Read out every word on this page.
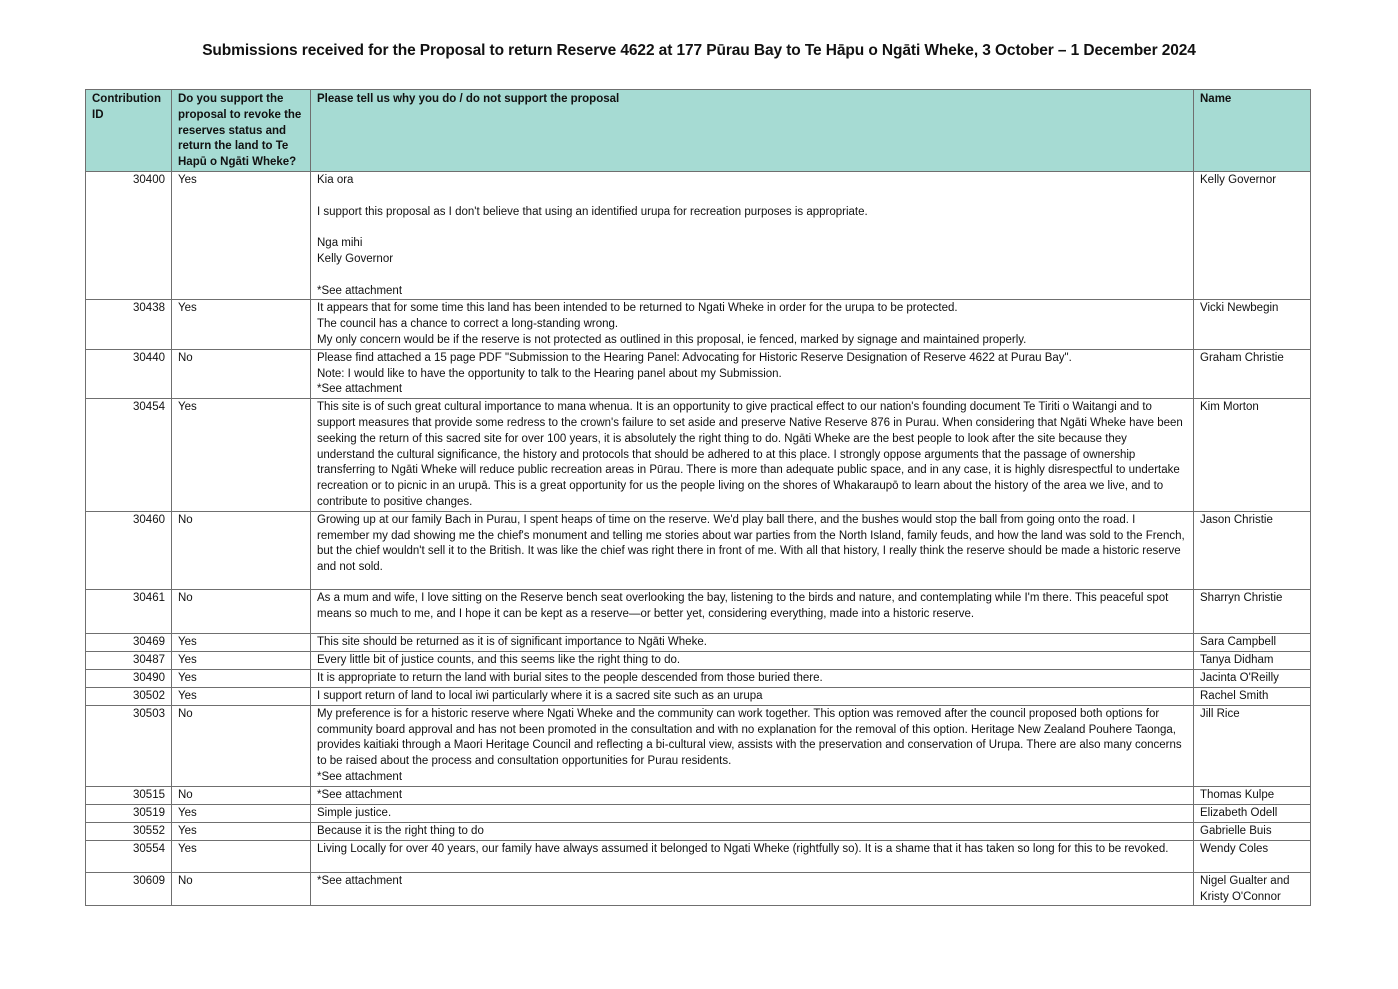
Submissions received for the Proposal to return Reserve 4622 at 177 Pūrau Bay to Te Hāpu o Ngāti Wheke, 3 October – 1 December 2024
Contribution ID	Do you support the proposal to revoke the reserves status and return the land to Te Hapū o Ngāti Wheke?	Please tell us why you do / do not support the proposal	Name
30400	Yes	Kia ora
I support this proposal as I don't believe that using an identified urupa for recreation purposes is appropriate.
Nga mihi
Kelly Governor
*See attachment	Kelly Governor
30438	Yes	It appears that for some time this land has been intended to be returned to Ngati Wheke in order for the urupa to be protected.
The council has a chance to correct a long-standing wrong.
My only concern would be if the reserve is not protected as outlined in this proposal, ie fenced, marked by signage and maintained properly.	Vicki Newbegin
30440	No	Please find attached a 15 page PDF "Submission to the Hearing Panel: Advocating for Historic Reserve Designation of Reserve 4622 at Purau Bay".
Note: I would like to have the opportunity to talk to the Hearing panel about my Submission.
*See attachment	Graham Christie
30454	Yes	This site is of such great cultural importance to mana whenua. It is an opportunity to give practical effect to our nation's founding document Te Tiriti o Waitangi and to support measures that provide some redress to the crown's failure to set aside and preserve Native Reserve 876 in Purau. When considering that Ngāti Wheke have been seeking the return of this sacred site for over 100 years, it is absolutely the right thing to do. Ngāti Wheke are the best people to look after the site because they understand the cultural significance, the history and protocols that should be adhered to at this place. I strongly oppose arguments that the passage of ownership transferring to Ngāti Wheke will reduce public recreation areas in Pūrau. There is more than adequate public space, and in any case, it is highly disrespectful to undertake recreation or to picnic in an urupā. This is a great opportunity for us the people living on the shores of Whakaraupō to learn about the history of the area we live, and to contribute to positive changes.	Kim Morton
30460	No	Growing up at our family Bach in Purau, I spent heaps of time on the reserve. We'd play ball there, and the bushes would stop the ball from going onto the road. I remember my dad showing me the chief's monument and telling me stories about war parties from the North Island, family feuds, and how the land was sold to the French, but the chief wouldn't sell it to the British. It was like the chief was right there in front of me. With all that history, I really think the reserve should be made a historic reserve and not sold.	Jason Christie
30461	No	As a mum and wife, I love sitting on the Reserve bench seat overlooking the bay, listening to the birds and nature, and contemplating while I'm there. This peaceful spot means so much to me, and I hope it can be kept as a reserve—or better yet, considering everything, made into a historic reserve.	Sharryn Christie
30469	Yes	This site should be returned as it is of significant importance to Ngāti Wheke.	Sara Campbell
30487	Yes	Every little bit of justice counts, and this seems like the right thing to do.	Tanya Didham
30490	Yes	It is appropriate to return the land with burial sites to the people descended from those buried there.	Jacinta O'Reilly
30502	Yes	I support return of land to local iwi particularly where it is a sacred site such as an urupa	Rachel Smith
30503	No	My preference is for a historic reserve where Ngati Wheke and the community can work together. This option was removed after the council proposed both options for community board approval and has not been promoted in the consultation and with no explanation for the removal of this option. Heritage New Zealand Pouhere Taonga, provides kaitiaki through a Maori Heritage Council and reflecting a bi-cultural view, assists with the preservation and conservation of Urupa. There are also many concerns to be raised about the process and consultation opportunities for Purau residents.
*See attachment	Jill Rice
30515	No	*See attachment	Thomas Kulpe
30519	Yes	Simple justice.	Elizabeth Odell
30552	Yes	Because it is the right thing to do	Gabrielle Buis
30554	Yes	Living Locally for over 40 years, our family have always assumed it belonged to Ngati Wheke (rightfully so). It is a shame that it has taken so long for this to be revoked.	Wendy Coles
30609	No	*See attachment	Nigel Gualter and Kristy O'Connor
